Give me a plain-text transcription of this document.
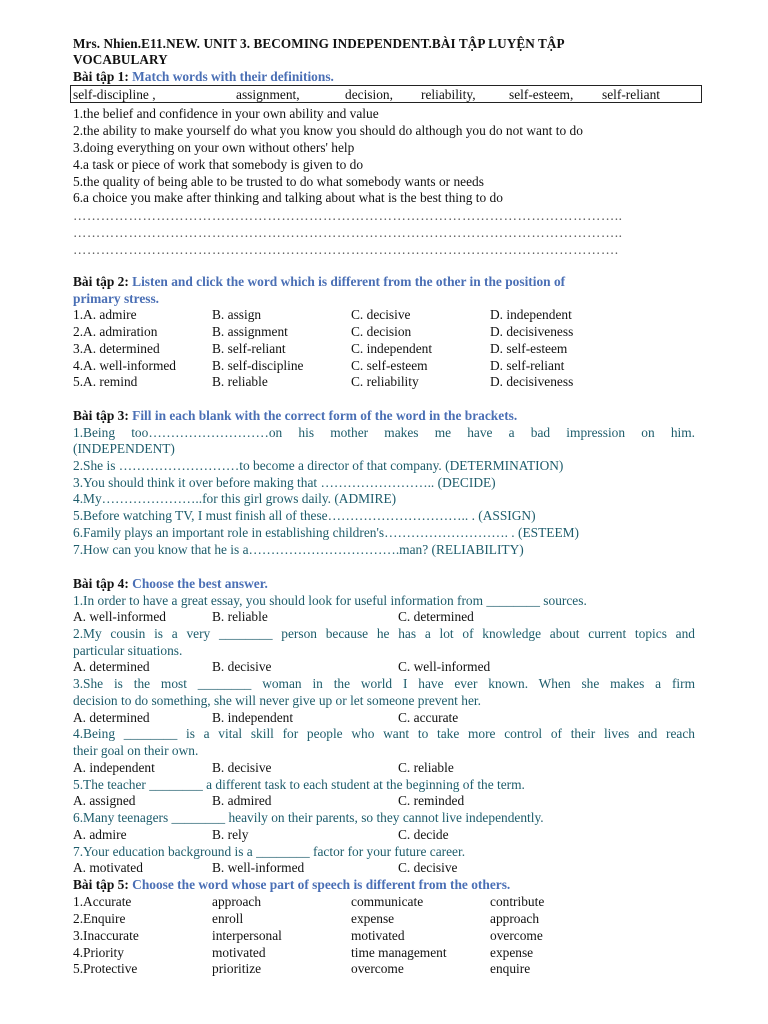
Mrs. Nhien.E11.NEW. UNIT 3. BECOMING INDEPENDENT.BÀI TẬP LUYỆN TẬP
VOCABULARY
Bài tập 1: Match words with their definitions.
self-discipline ,	assignment,	decision, reliability, self-esteem, self-reliant
1.the belief and confidence in your own ability and value
2.the ability to make yourself do what you know you should do although you do not want to do
3.doing everything on your own without others' help
4.a task or piece of work that somebody is given to do
5.the quality of being able to be trusted to do what somebody wants or needs
6.a choice you make after thinking and talking about what is the best thing to do
………………………………………………………………………………………………………..
………………………………………………………………………………………………………..
……………………………………………………………………………………………………….
Bài tập 2: Listen and click the word which is different from the other in the position of
primary stress.
1.A. admire	B. assign	C. decisive	D. independent
2.A. admiration	B. assignment	C. decision	D. decisiveness
3.A. determined	B. self-reliant	C. independent	D. self-esteem
4.A. well-informed	B. self-discipline	C. self-esteem	D. self-reliant
5.A. remind	B. reliable	C. reliability	D. decisiveness
Bài tập 3: Fill in each blank with the correct form of the word in the brackets.
1.Being too………………………on his mother makes me have a bad impression on him.
(INDEPENDENT)
2.She is ………………………to become a director of that company. (DETERMINATION)
3.You should think it over before making that …………………….. (DECIDE)
4.My…………………..for this girl grows daily. (ADMIRE)
5.Before watching TV, I must finish all of these………………………….. . (ASSIGN)
6.Family plays an important role in establishing children's………………………. . (ESTEEM)
7.How can you know that he is a…………………………….man? (RELIABILITY)
Bài tập 4: Choose the best answer.
1.In order to have a great essay, you should look for useful information from ________ sources.
A. well-informed	B. reliable	C. determined
2.My cousin is a very ________ person because he has a lot of knowledge about current topics and
particular situations.
A. determined	B. decisive	C. well-informed
3.She is the most ________ woman in the world I have ever known. When she makes a firm
decision to do something, she will never give up or let someone prevent her.
A. determined	B. independent	C. accurate
4.Being ________ is a vital skill for people who want to take more control of their lives and reach
their goal on their own.
A. independent	B. decisive	C. reliable
5.The teacher ________ a different task to each student at the beginning of the term.
A. assigned	B. admired	C. reminded
6.Many teenagers ________ heavily on their parents, so they cannot live independently.
A. admire	B. rely	C. decide
7.Your education background is a ________ factor for your future career.
A. motivated	B. well-informed	C. decisive
Bài tập 5: Choose the word whose part of speech is different from the others.
1.Accurate	approach	communicate	contribute
2.Enquire	enroll	expense	approach
3.Inaccurate	interpersonal	motivated	overcome
4.Priority	motivated	time management	expense
5.Protective	prioritize	overcome	enquire
